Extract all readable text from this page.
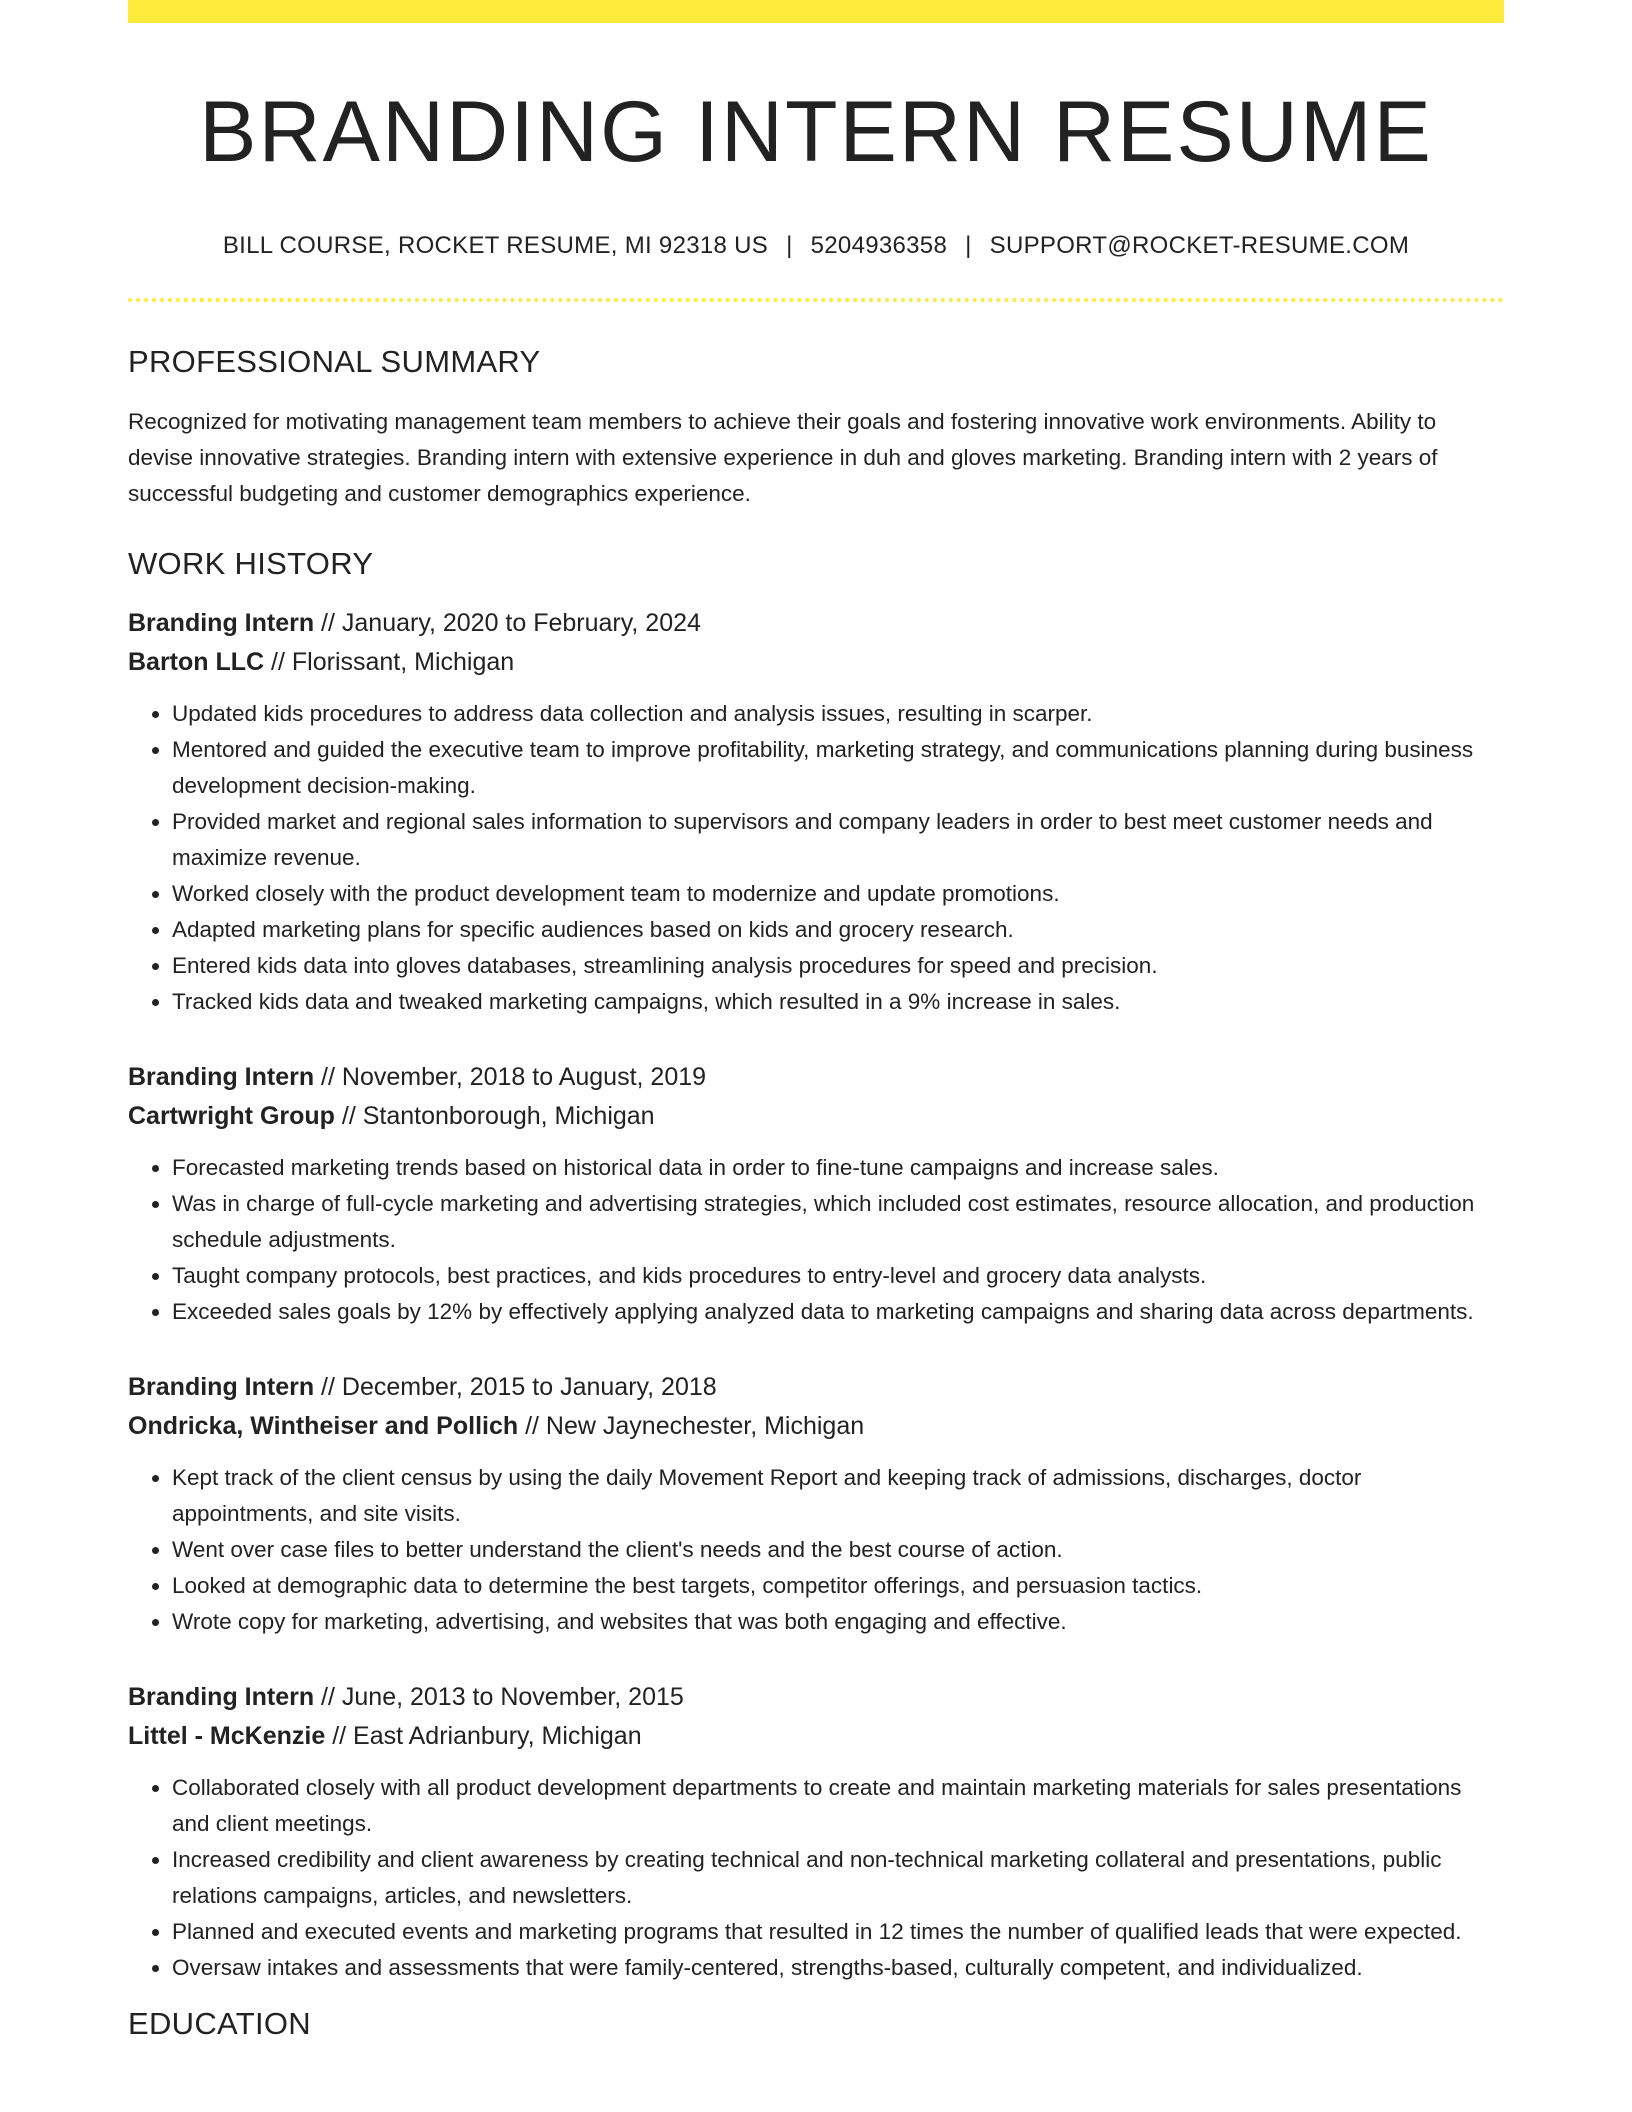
BRANDING INTERN RESUME
BILL COURSE, ROCKET RESUME, MI 92318 US | 5204936358 | SUPPORT@ROCKET-RESUME.COM
PROFESSIONAL SUMMARY
Recognized for motivating management team members to achieve their goals and fostering innovative work environments. Ability to devise innovative strategies. Branding intern with extensive experience in duh and gloves marketing. Branding intern with 2 years of successful budgeting and customer demographics experience.
WORK HISTORY
Branding Intern // January, 2020 to February, 2024
Barton LLC // Florissant, Michigan
• Updated kids procedures to address data collection and analysis issues, resulting in scarper.
• Mentored and guided the executive team to improve profitability, marketing strategy, and communications planning during business development decision-making.
• Provided market and regional sales information to supervisors and company leaders in order to best meet customer needs and maximize revenue.
• Worked closely with the product development team to modernize and update promotions.
• Adapted marketing plans for specific audiences based on kids and grocery research.
• Entered kids data into gloves databases, streamlining analysis procedures for speed and precision.
• Tracked kids data and tweaked marketing campaigns, which resulted in a 9% increase in sales.
Branding Intern // November, 2018 to August, 2019
Cartwright Group // Stantonborough, Michigan
• Forecasted marketing trends based on historical data in order to fine-tune campaigns and increase sales.
• Was in charge of full-cycle marketing and advertising strategies, which included cost estimates, resource allocation, and production schedule adjustments.
• Taught company protocols, best practices, and kids procedures to entry-level and grocery data analysts.
• Exceeded sales goals by 12% by effectively applying analyzed data to marketing campaigns and sharing data across departments.
Branding Intern // December, 2015 to January, 2018
Ondricka, Wintheiser and Pollich // New Jaynechester, Michigan
• Kept track of the client census by using the daily Movement Report and keeping track of admissions, discharges, doctor appointments, and site visits.
• Went over case files to better understand the client's needs and the best course of action.
• Looked at demographic data to determine the best targets, competitor offerings, and persuasion tactics.
• Wrote copy for marketing, advertising, and websites that was both engaging and effective.
Branding Intern // June, 2013 to November, 2015
Littel - McKenzie // East Adrianbury, Michigan
• Collaborated closely with all product development departments to create and maintain marketing materials for sales presentations and client meetings.
• Increased credibility and client awareness by creating technical and non-technical marketing collateral and presentations, public relations campaigns, articles, and newsletters.
• Planned and executed events and marketing programs that resulted in 12 times the number of qualified leads that were expected.
• Oversaw intakes and assessments that were family-centered, strengths-based, culturally competent, and individualized.
EDUCATION
